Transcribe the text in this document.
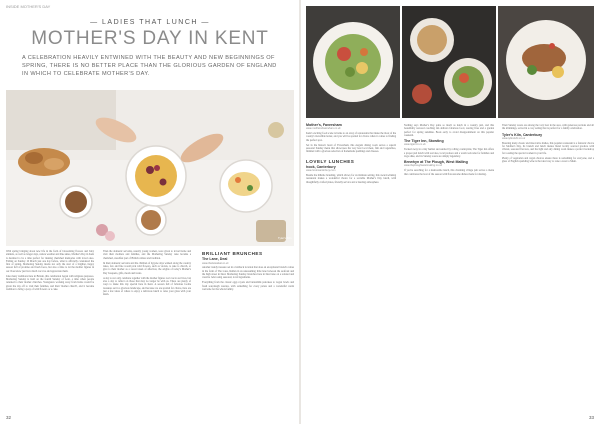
INSIDE MOTHER'S DAY
— LADIES THAT LUNCH —
MOTHER'S DAY IN KENT
A CELEBRATION HEAVILY ENTWINED WITH THE BEAUTY AND NEW BEGINNINGS OF SPRING, THERE IS NO BETTER PLACE THAN THE GLORIOUS GARDEN OF ENGLAND IN WHICH TO CELEBRATE MOTHER'S DAY.
Tyler's Kiln

With spring bringing about new life in the form of blossoming flowers and baby animals, as well as longer days, nature weather and blue skies, Mother's Day in Kent is destined to be a time perfect for making cherished memories with loved ones. Falling on Sunday 10 March just one day before, what is officially considered the first of spring, Mothering Sunday marks not only the start of a brighter, happy season full of promise and fresh faces, but also a time to let the mother figures in our lives know just how much we love and appreciate them.

Like many traditions here in Britain, this celebration began with religious purposes. Mothering Sunday is held on the fourth Sunday of Lent, a time when people returned to their mother churches. Youngsters working away from home would be given the day off to visit their families, and their 'mother church', and it became tradition to bring a posy of wild flowers or a cake.

Then the domestic servants, usually young women, were given to travel home and visit their mothers and families, and the Mothering Sunday cake became a cherished, steadfast part of British culture and tradition.

In their domestic servants and the children of bygone days walked along the country lanes, few and fine would pick wild flowers, such as violets, to take to church, or give to their mother as a sweet token of affection, the origins of today's Mother's Day bouquets, gifts, meals and treats.

A day to not only celebrate together with the mother figures we love in our lives, but also a day to reflect on those that may no longer be with us. There are plenty of ways to make this day special here in Kent. A season full of fabulous foodie treasures set in a glorious landscape, and because we are spoiled for choice, here are just a few ideas of where to enjoy a delicious lunch to raise your glass with your mum.

BRILLIANT BRUNCHES
The Lane, Deal
www.thelanedeal.co.uk

Another trendy treasure set in a laidback location that does an exceptional brunch comes in the form of The Lane, hidden in an unassuming little lane between the seafront and the high street in Deal. Mothering Sunday brunches here in Deal take on a relaxed and creative twist using seasonal, local ingredients.

Everything from the classic eggs royale and buttermilk pancakes to vegan bowls and fresh sourdough toasties, with something for every palate and a wonderful warm welcome for the whole family.

32
Mother's, Faversham
www.mothersfaversham.co.uk

Kent's exciting food scene is home to an array of restaurants that make the most of the county's incredible larder, and you will be spoiled for choice when it comes to finding the perfect spot.

Set in the historic heart of Faversham, this elegant dining room serves a superb seasonal Sunday menu that showcases the very best local meat, fish and vegetables, finished with a glorious selection of homemade puddings and cheeses.

LOVELY LUNCHES
hook, Canterbury
www.hookcanterbury.com

Beside the hillside branding, which allows for an intimate setting, this award-winning restaurant makes a wonderful choice for a sociable Mother's Day lunch, with thoughtfully crafted plates, friendly service and a buzzing atmosphere.

Nothing says Mother's Day quite so much as lunch in a country pub, and this beautifully restored coaching inn delivers fabulous food, roaring fires and a garden perfect for spring sunshine. Book early to avoid disappointment on this popular weekend.

The Tiger Inn, Stowting
www.tigerinn.co.uk

Tucked away in a tiny hamlet surrounded by rolling countryside, The Tiger Inn offers a proper pub lunch with real ales, local produce and a warm welcome for families and dogs alike, and its Sunday roasts are simply legendary.

Brewhyn at The Plough, West Malling
www.theploughwestmalling.co.uk

If you're searching for a memorable lunch, this charming village pub serves a menu that celebrates the best of the season with flavoursome dishes made for sharing.

Their Sunday roasts are among the very best in the area, with generous portions and all the trimmings, served in a cosy setting that is perfect for a family celebration.

Tyler's Kiln, Canterbury
www.tylerskiln.co.uk

Boasting many classic and innovative dishes, this popular restaurant is a fantastic choice for Mother's Day. Its brunch and lunch menus blend locally sourced produce with vibrant, seasonal flavours, and the light and airy dining room makes a perfect backdrop for toasting the special women in your life.

Plenty of vegetarian and vegan choices ensure there is something for everyone, and a glass of English sparkling wine is the ideal way to raise a toast to Mum.

33
